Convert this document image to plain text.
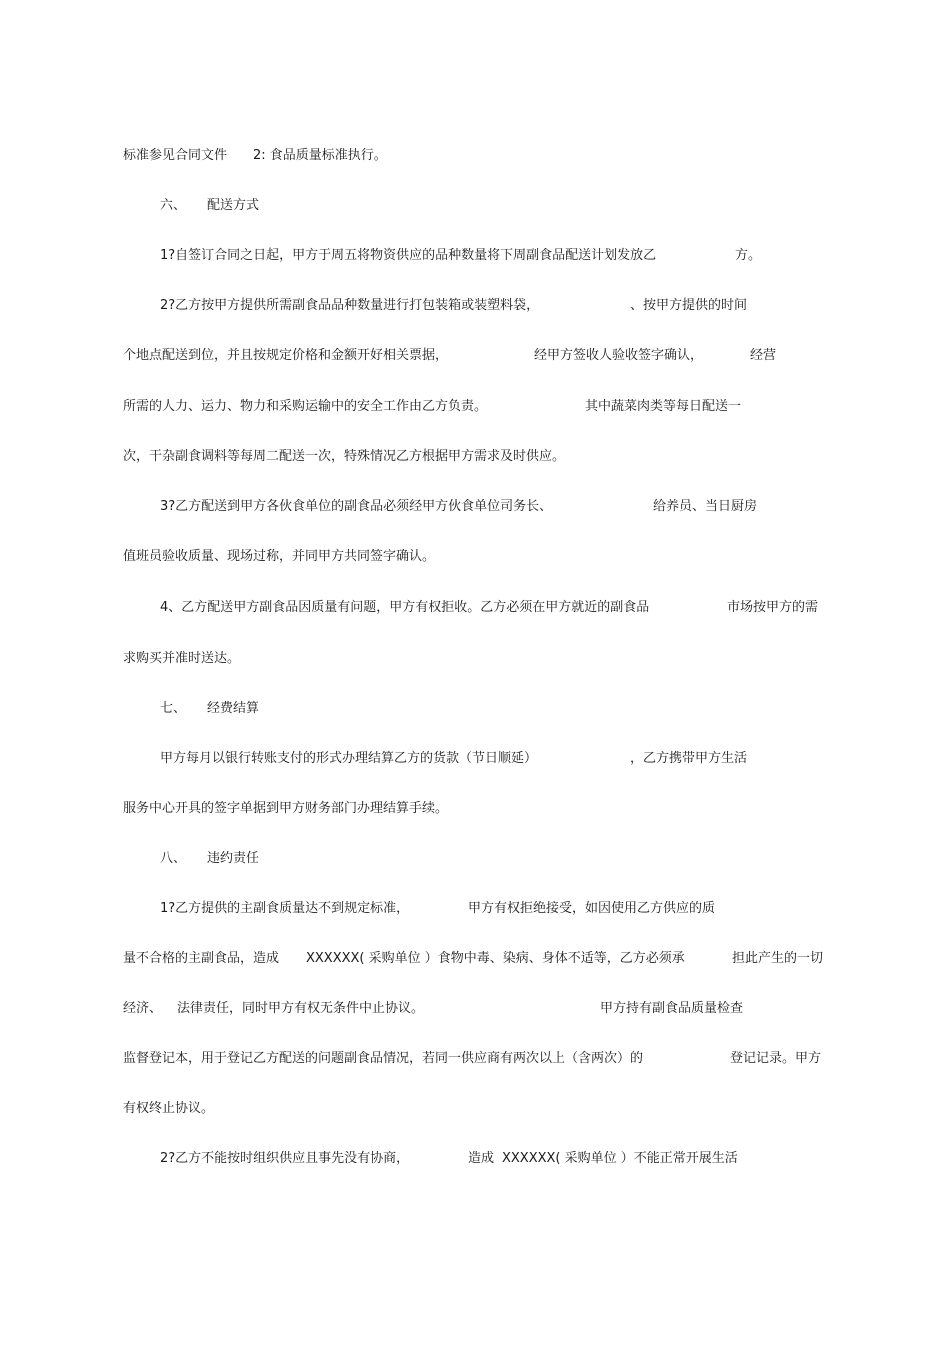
标准参见合同文件 2: 食品质量标准执行。
六、 配送方式
1?自签订合同之日起，甲方于周五将物资供应的品种数量将下周副食品配送计划发放乙	方。
2?乙方按甲方提供所需副食品品种数量进行打包装箱或装塑料袋，	、按甲方提供的时间
个地点配送到位，并且按规定价格和金额开好相关票据，	经甲方签收人验收签字确认，	经营
所需的人力、运力、物力和采购运输中的安全工作由乙方负责。	其中蔬菜肉类等每日配送一
次，干杂副食调料等每周二配送一次，特殊情况乙方根据甲方需求及时供应。
3?乙方配送到甲方各伙食单位的副食品必须经甲方伙食单位司务长、	给养员、当日厨房
值班员验收质量、现场过称，并同甲方共同签字确认。
4、乙方配送甲方副食品因质量有问题，甲方有权拒收。乙方必须在甲方就近的副食品	市场按甲方的需
求购买并准时送达。
七、 经费结算
甲方每月以银行转账支付的形式办理结算乙方的货款（节日顺延）	，乙方携带甲方生活
服务中心开具的签字单据到甲方财务部门办理结算手续。
八、 违约责任
1?乙方提供的主副食质量达不到规定标准，	甲方有权拒绝接受，如因使用乙方供应的质
量不合格的主副食品，造成 XXXXXX( 采购单位 ）食物中毒、染病、身体不适等，乙方必须承	担此产生的一切
经济、 法律责任，同时甲方有权无条件中止协议。	甲方持有副食品质量检查
监督登记本，用于登记乙方配送的问题副食品情况，若同一供应商有两次以上（含两次）的	登记记录。甲方
有权终止协议。
2?乙方不能按时组织供应且事先没有协商，	造成 XXXXXX( 采购单位 ）不能正常开展生活
